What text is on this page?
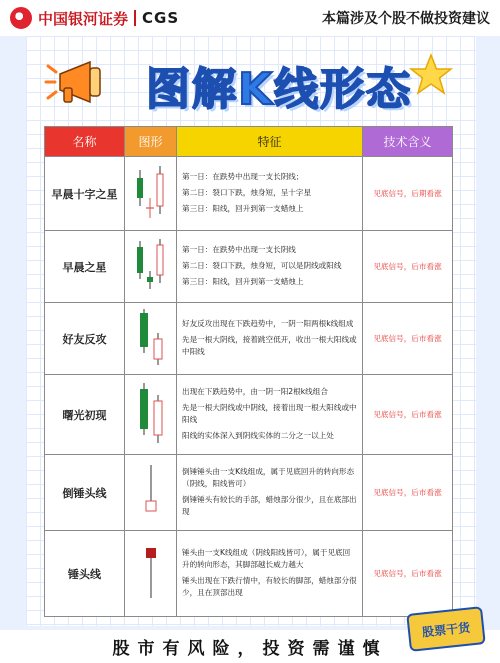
中国银河证券 CGS	本篇涉及个股不做投资建议
图解K线形态
名称	图形	特征	技术含义
早晨十字之星		第一日：在跌势中出现一支长阴线；

第二日：裂口下跌，烛身短，呈十字星

第三日：阳线，回升到第一支蜡烛上	见底信号，后期看涨
早晨之星		第一日：在跌势中出现一支长阴线

第二日：裂口下跌，烛身短，可以是阴线或阳线

第三日：阳线，回升到第一支蜡烛上	见底信号，后市看涨
好友反攻		好友反攻出现在下跌趋势中，一阴一阳两根k线组成

先是一根大阴线，接着跳空低开，收出一根大阳线或中阳线	见底信号，后市看涨
曙光初现		出现在下跌趋势中，由一阴一阳2根k线组合

先是一根大阴线或中阴线，接着出现一根大阳线或中阳线

阳线的实体深入到阴线实体的二分之一以上处	见底信号，后市看涨
倒锤头线		倒锤锤头由一支K线组成，属于见底回升的转向形态（阴线，阳线皆可）

倒锤锤头有较长的手部，蜡烛部分很少，且在底部出现	见底信号，后市看涨
锤头线		锤头由一支K线组成（阴线阳线皆可），属于见底回升的转向形态，其脚部越长威力越大

锤头出现在下跌行情中，有较长的脚部，蜡烛部分很少，且在顶部出现	见底信号，后市看涨
股市有风险，投资需谨慎
股票干货
